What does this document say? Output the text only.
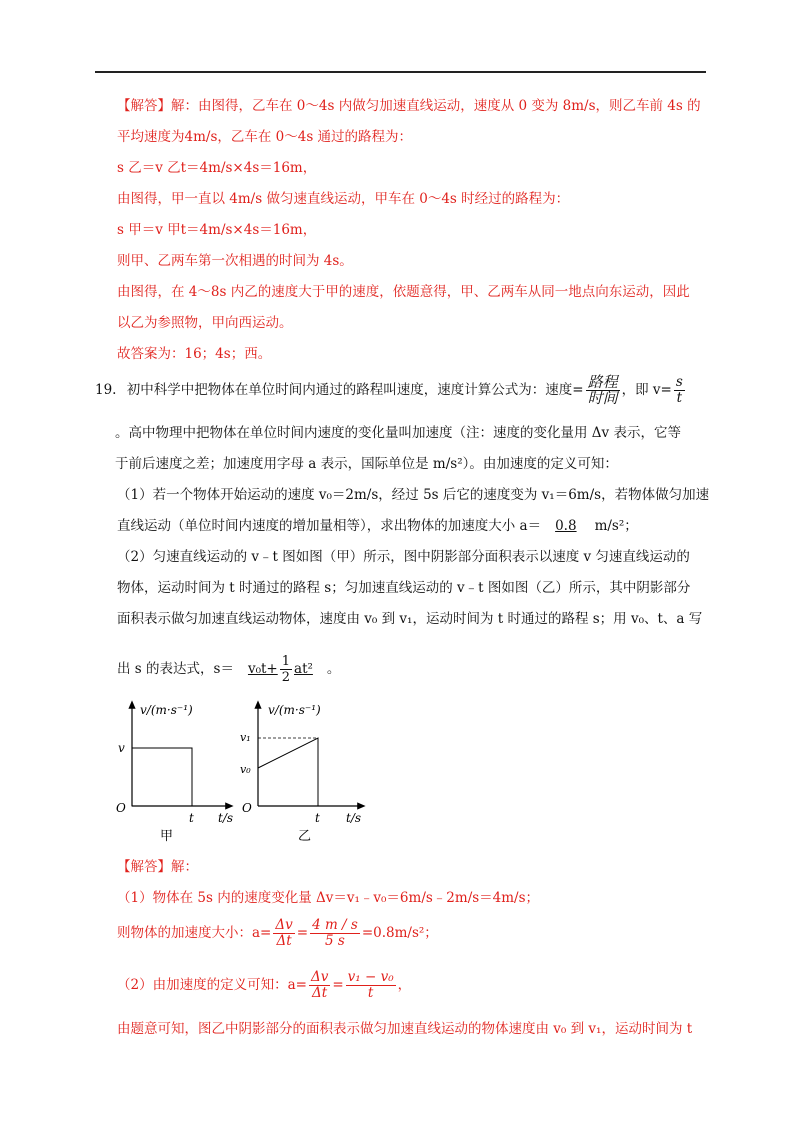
【解答】解：由图得，乙车在 0～4s 内做匀加速直线运动，速度从 0 变为 8m/s，则乙车前 4s 的
平均速度为4m/s，乙车在 0～4s 通过的路程为：
s 乙＝v 乙t＝4m/s×4s＝16m，
由图得，甲一直以 4m/s 做匀速直线运动，甲车在 0～4s 时经过的路程为：
s 甲＝v 甲t＝4m/s×4s＝16m，
则甲、乙两车第一次相遇的时间为 4s。
由图得，在 4～8s 内乙的速度大于甲的速度，依题意得，甲、乙两车从同一地点向东运动，因此
以乙为参照物，甲向西运动。
故答案为：16；4s；西。
19. 初中科学中把物体在单位时间内通过的路程叫速度，速度计算公式为：速度= $\frac{\text{路程}}{\text{时间}}$ ，即 $v= \frac{s}{t}$
。高中物理中把物体在单位时间内速度的变化量叫加速度（注：速度的变化量用 Δv 表示，它等
于前后速度之差；加速度用字母 a 表示，国际单位是 m/s²）。由加速度的定义可知：
（1）若一个物体开始运动的速度 v₀＝2m/s，经过 5s 后它的速度变为 v₁＝6m/s，若物体做匀加速
直线运动（单位时间内速度的增加量相等），求出物体的加速度大小 a＝ 0.8 m/s²；
（2）匀速直线运动的 v﹣t 图如图（甲）所示，图中阴影部分面积表示以速度 v 匀速直线运动的
物体，运动时间为 t 时通过的路程 s；匀加速直线运动的 v﹣t 图如图（乙）所示，其中阴影部分
面积表示做匀加速直线运动物体，速度由 v₀ 到 v₁，运动时间为 t 时通过的路程 s；用 v₀、t、a 写
出 s 的表达式，$s= v_0t+ \frac{1}{2} at^2$ 。
v/(m·s⁻¹)
v
O
t t/s
甲
v/(m·s⁻¹)
v₁
v₀
O
t t/s
乙
【解答】解：
（1）物体在 5s 内的速度变化量 Δv＝v₁﹣v₀＝6m/s﹣2m/s＝4m/s；
则物体的加速度大小：$a= \frac{\Delta v}{\Delta t} = \frac{4 m / s}{5 s} =0.8m/s^2$；
（2）由加速度的定义可知：$a= \frac{\Delta v}{\Delta t} = \frac{\text{v₁ − v₀}}{t}$ ，
由题意可知，图乙中阴影部分的面积表示做匀加速直线运动的物体速度由 v₀ 到 v₁，运动时间为 t
